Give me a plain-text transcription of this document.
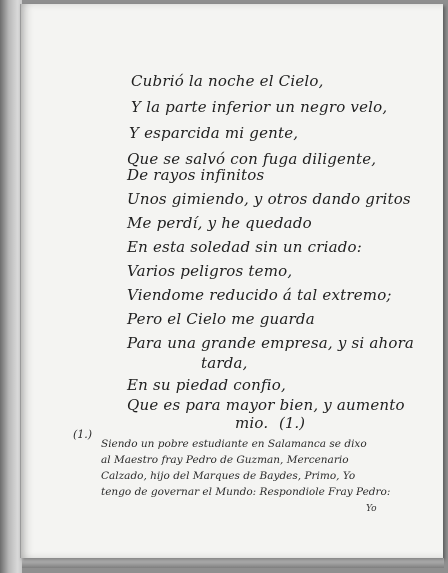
Cubrió la noche el Cielo,
Y la parte inferior un negro velo,
Y esparcida mi gente,
Que se salvó con fuga diligente,
De rayos infinitos
Unos gimiendo, y otros dando gritos
Me perdí, y he quedado
En esta soledad sin un criado:
Varios peligros temo,
Viendome reducido á tal extremo;
Pero el Cielo me guarda
Para una grande empresa, y si ahora
tarda,
En su piedad confio,
Que es para mayor bien, y aumento
mio. (1.)
(1.)
Siendo un pobre estudiante en Salamanca se dixo
al Maestro fray Pedro de Guzman, Mercenario
Calzado, hijo del Marques de Baydes, Primo, Yo
tengo de governar el Mundo: Respondiole Fray Pedro:
Yo
